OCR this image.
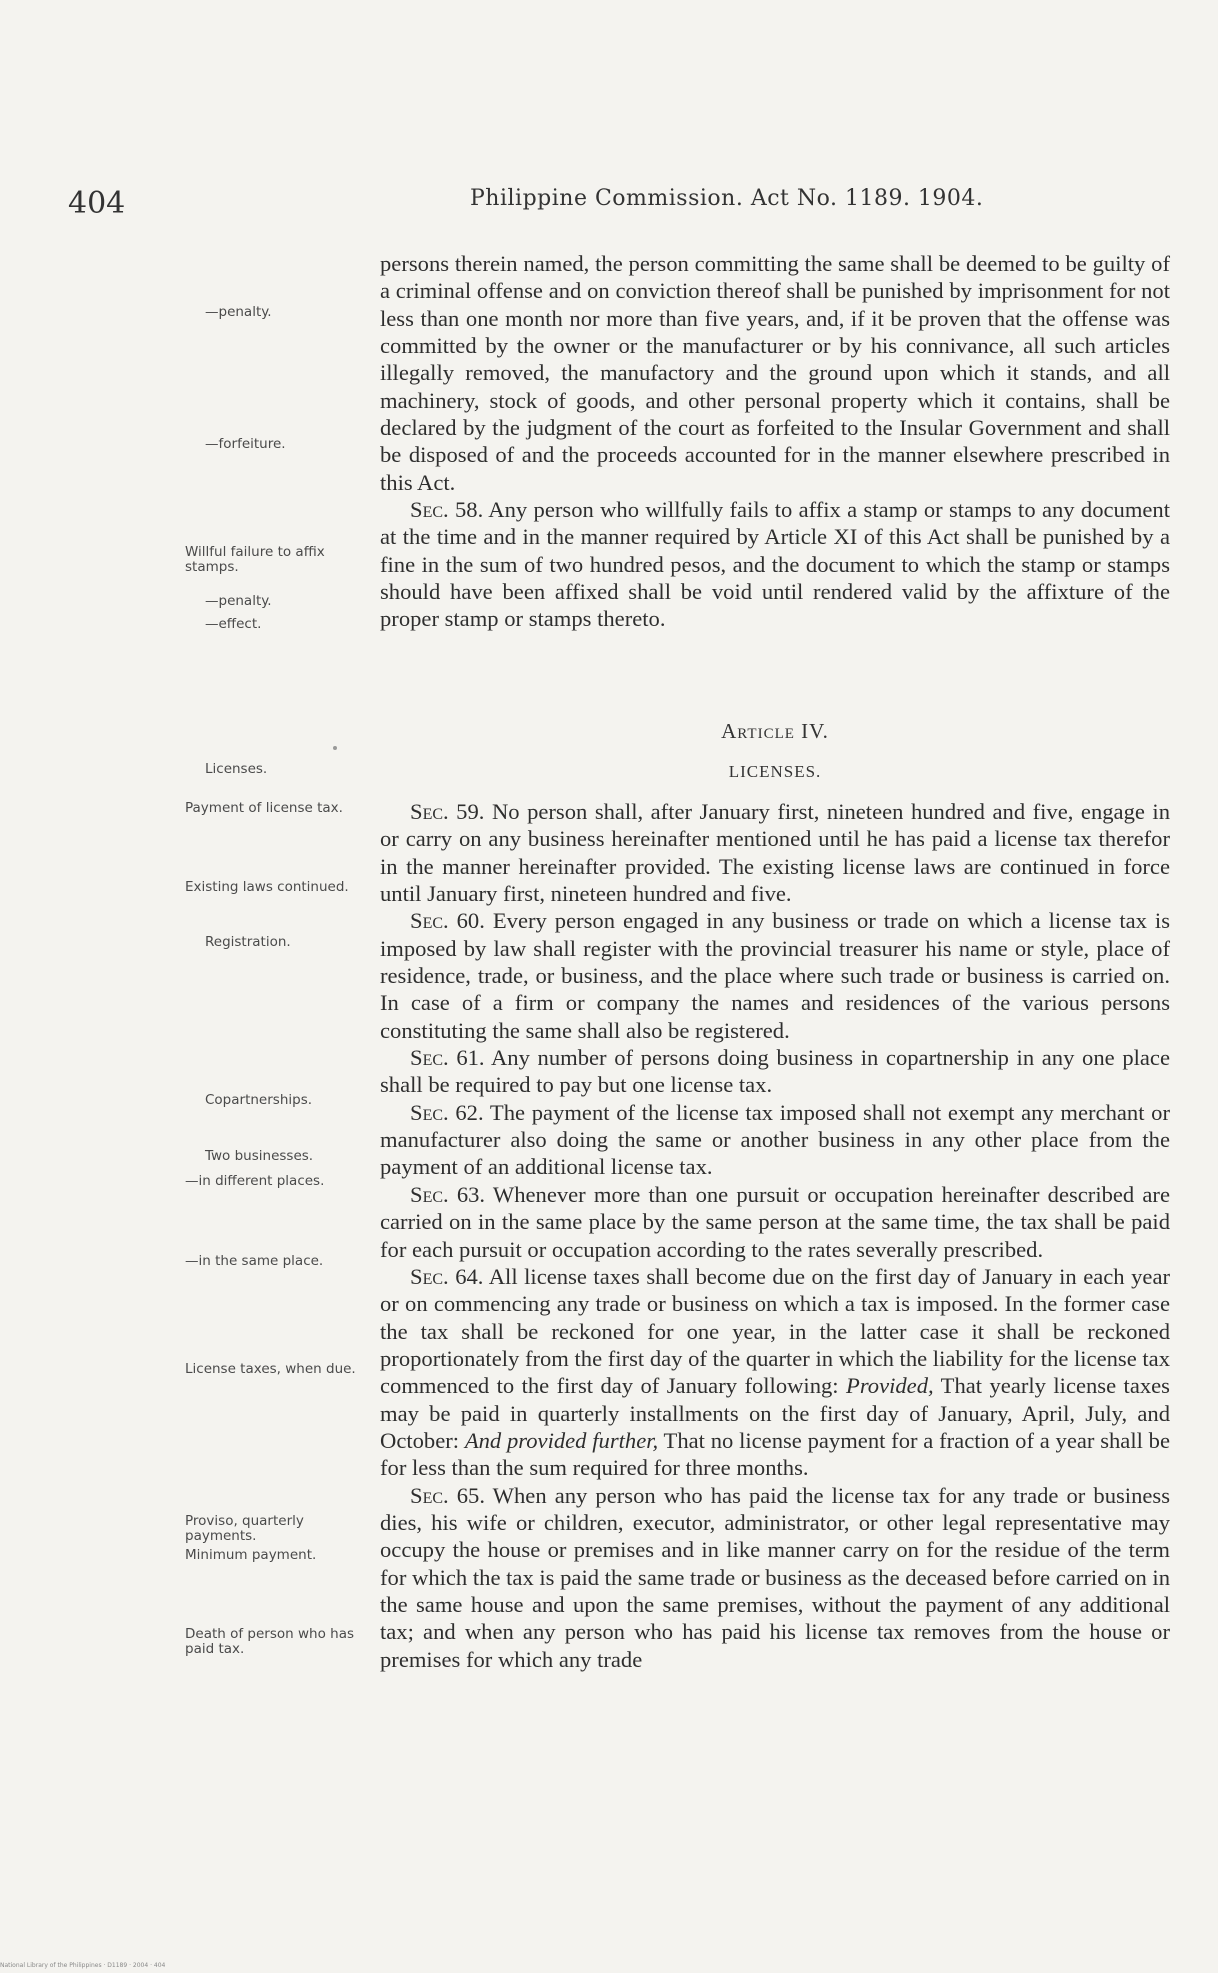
404	Philippine Commission. Act No. 1189. 1904.
—penalty.
—forfeiture.
Willful failure to affix stamps.
—penalty.
—effect.
Licenses.
Payment of license tax.
Existing laws continued.
Registration.
Copartnerships.
Two businesses.
—in different places.
—in the same place.
License taxes, when due.
Proviso, quarterly payments.
Minimum payment.
Death of person who has paid tax.

persons therein named, the person committing the same shall be deemed to be guilty of a criminal offense and on conviction thereof shall be punished by imprisonment for not less than one month nor more than five years, and, if it be proven that the offense was committed by the owner or the manufacturer or by his connivance, all such articles illegally removed, the manufactory and the ground upon which it stands, and all machinery, stock of goods, and other personal property which it contains, shall be declared by the judgment of the court as forfeited to the Insular Government and shall be disposed of and the proceeds accounted for in the manner elsewhere prescribed in this Act.

Sec. 58. Any person who willfully fails to affix a stamp or stamps to any document at the time and in the manner required by Article XI of this Act shall be punished by a fine in the sum of two hundred pesos, and the document to which the stamp or stamps should have been affixed shall be void until rendered valid by the affixture of the proper stamp or stamps thereto.

Article IV.
LICENSES.

Sec. 59. No person shall, after January first, nineteen hundred and five, engage in or carry on any business hereinafter mentioned until he has paid a license tax therefor in the manner hereinafter provided. The existing license laws are continued in force until January first, nineteen hundred and five.

Sec. 60. Every person engaged in any business or trade on which a license tax is imposed by law shall register with the provincial treasurer his name or style, place of residence, trade, or business, and the place where such trade or business is carried on. In case of a firm or company the names and residences of the various persons constituting the same shall also be registered.

Sec. 61. Any number of persons doing business in copartnership in any one place shall be required to pay but one license tax.

Sec. 62. The payment of the license tax imposed shall not exempt any merchant or manufacturer also doing the same or another business in any other place from the payment of an additional license tax.

Sec. 63. Whenever more than one pursuit or occupation hereinafter described are carried on in the same place by the same person at the same time, the tax shall be paid for each pursuit or occupation according to the rates severally prescribed.

Sec. 64. All license taxes shall become due on the first day of January in each year or on commencing any trade or business on which a tax is imposed. In the former case the tax shall be reckoned for one year, in the latter case it shall be reckoned proportionately from the first day of the quarter in which the liability for the license tax commenced to the first day of January following: Provided, That yearly license taxes may be paid in quarterly installments on the first day of January, April, July, and October: And provided further, That no license payment for a fraction of a year shall be for less than the sum required for three months.

Sec. 65. When any person who has paid the license tax for any trade or business dies, his wife or children, executor, administrator, or other legal representative may occupy the house or premises and in like manner carry on for the residue of the term for which the tax is paid the same trade or business as the deceased before carried on in the same house and upon the same premises, without the payment of any additional tax; and when any person who has paid his license tax removes from the house or premises for which any trade

National Library of the Philippines · D1189 · 2004 · 404
